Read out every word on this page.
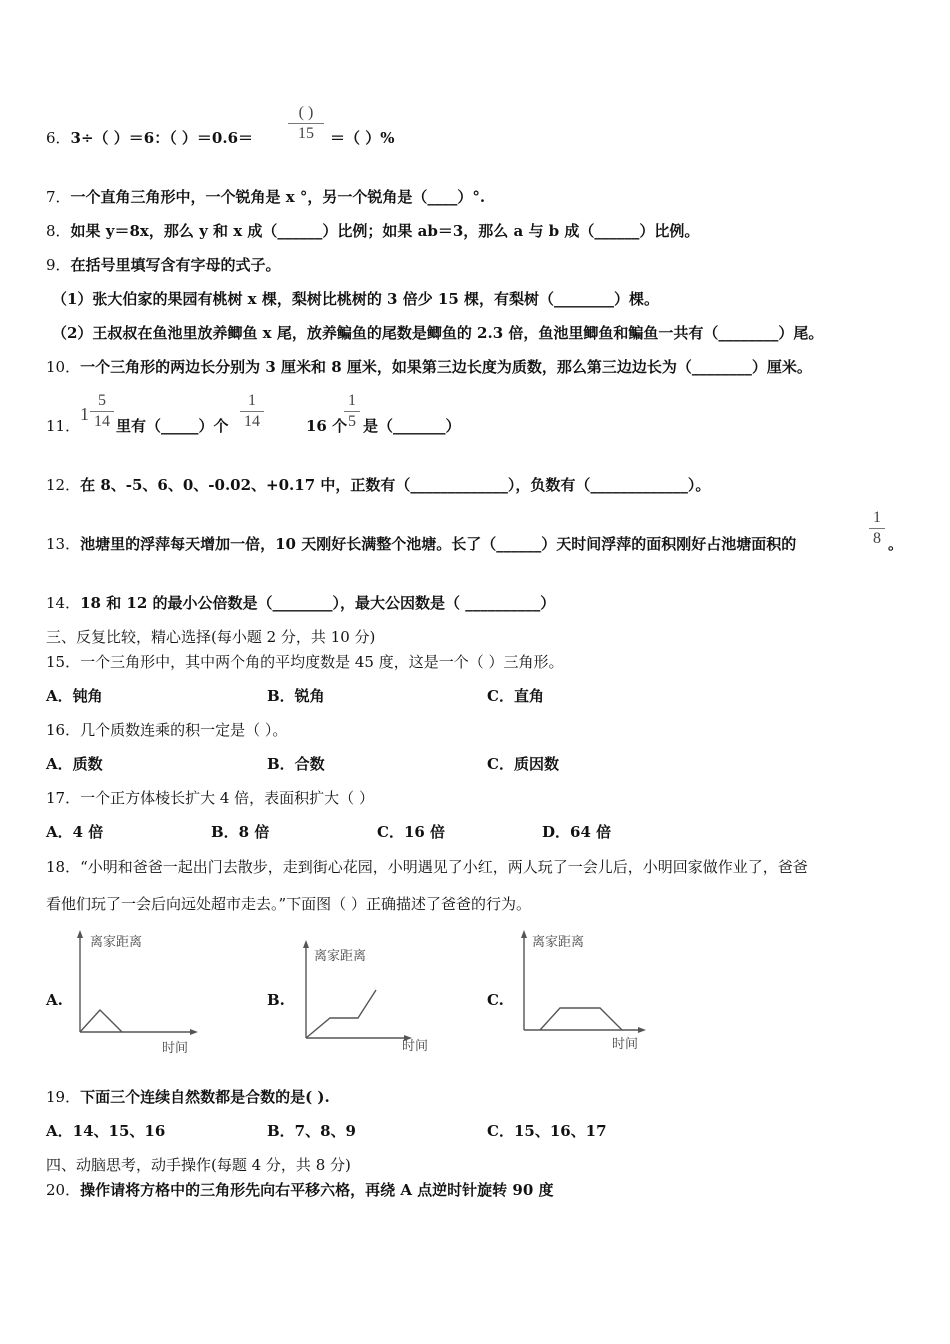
6．3÷（ ）＝6：（ ）＝0.6＝
( )
15	＝（ ）%
7．一个直角三角形中，一个锐角是 x °，另一个锐角是（____）°.
8．如果 y＝8x，那么 y 和 x 成（______）比例；如果 ab＝3，那么 a 与 b 成（______）比例。
9．在括号里填写含有字母的式子。
（1）张大伯家的果园有桃树 x 棵，梨树比桃树的 3 倍少 15 棵，有梨树（________）棵。
（2）王叔叔在鱼池里放养鲫鱼 x 尾，放养鳊鱼的尾数是鲫鱼的 2.3 倍，鱼池里鲫鱼和鳊鱼一共有（________）尾。
10．一个三角形的两边长分别为 3 厘米和 8 厘米，如果第三边长度为质数，那么第三边边长为（________）厘米。
11．
1
5
14 里有（_____）个
1
14	16 个
1
5 是（_______）
12．在 8、-5、6、0、-0.02、+0.17 中，正数有（_____________），负数有（_____________）。
13．池塘里的浮萍每天增加一倍，10 天刚好长满整个池塘。长了（______）天时间浮萍的面积刚好占池塘面积的
1
8 。
14．18 和 12 的最小公倍数是（________），最大公因数是（ __________）
三、反复比较，精心选择(每小题 2 分，共 10 分)
15．一个三角形中，其中两个角的平均度数是 45 度，这是一个（ ）三角形。
A．钝角	B．锐角	C．直角
16．几个质数连乘的积一定是（ ）。
A．质数	B．合数	C．质因数
17．一个正方体棱长扩大 4 倍，表面积扩大（ ）
A．4 倍	B．8 倍	C．16 倍	D．64 倍
18．“小明和爸爸一起出门去散步，走到街心花园，小明遇见了小红，两人玩了一会儿后，小明回家做作业了，爸爸
看他们玩了一会后向远处超市走去。”下面图（ ）正确描述了爸爸的行为。
A.	B.	C.
离家距离
时间
离家距离
时间
离家距离
时间
19．下面三个连续自然数都是合数的是( ).
A．14、15、16	B．7、8、9	C．15、16、17
四、动脑思考，动手操作(每题 4 分，共 8 分)
20．操作请将方格中的三角形先向右平移六格，再绕 A 点逆时针旋转 90 度
